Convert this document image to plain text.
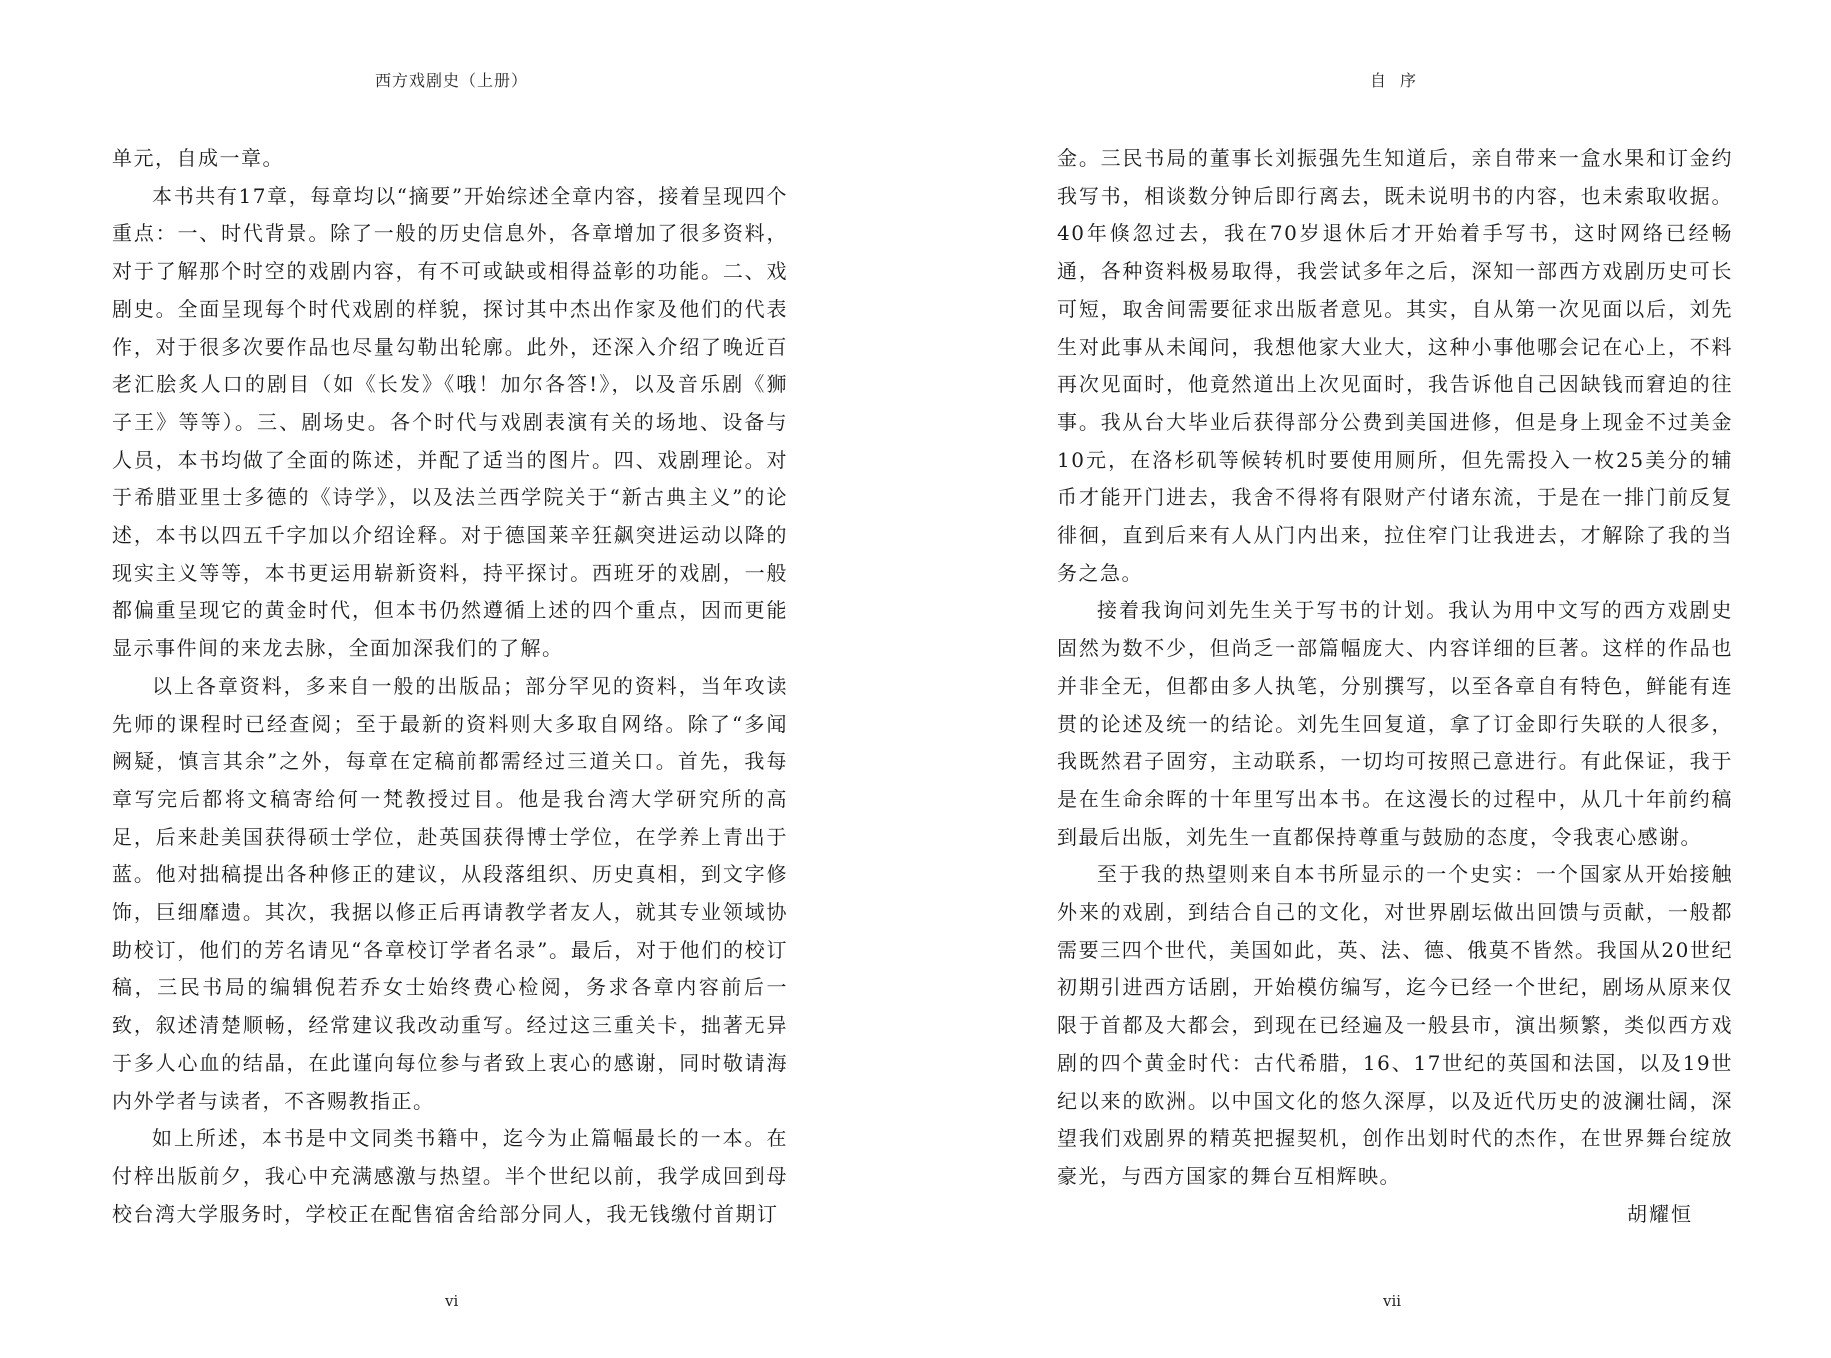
西方戏剧史（上册）

单元，自成一章。

本书共有17章，每章均以“摘要”开始综述全章内容，接着呈现四个重点：一、时代背景。除了一般的历史信息外，各章增加了很多资料，对于了解那个时空的戏剧内容，有不可或缺或相得益彰的功能。二、戏剧史。全面呈现每个时代戏剧的样貌，探讨其中杰出作家及他们的代表作，对于很多次要作品也尽量勾勒出轮廓。此外，还深入介绍了晚近百老汇脍炙人口的剧目（如《长发》《哦！加尔各答!》，以及音乐剧《狮子王》等等）。三、剧场史。各个时代与戏剧表演有关的场地、设备与人员，本书均做了全面的陈述，并配了适当的图片。四、戏剧理论。对于希腊亚里士多德的《诗学》，以及法兰西学院关于“新古典主义”的论述，本书以四五千字加以介绍诠释。对于德国莱辛狂飙突进运动以降的现实主义等等，本书更运用崭新资料，持平探讨。西班牙的戏剧，一般都偏重呈现它的黄金时代，但本书仍然遵循上述的四个重点，因而更能显示事件间的来龙去脉，全面加深我们的了解。

以上各章资料，多来自一般的出版品；部分罕见的资料，当年攻读先师的课程时已经查阅；至于最新的资料则大多取自网络。除了“多闻阙疑，慎言其余”之外，每章在定稿前都需经过三道关口。首先，我每章写完后都将文稿寄给何一梵教授过目。他是我台湾大学研究所的高足，后来赴美国获得硕士学位，赴英国获得博士学位，在学养上青出于蓝。他对拙稿提出各种修正的建议，从段落组织、历史真相，到文字修饰，巨细靡遗。其次，我据以修正后再请教学者友人，就其专业领域协助校订，他们的芳名请见“各章校订学者名录”。最后，对于他们的校订稿，三民书局的编辑倪若乔女士始终费心检阅，务求各章内容前后一致，叙述清楚顺畅，经常建议我改动重写。经过这三重关卡，拙著无异于多人心血的结晶，在此谨向每位参与者致上衷心的感谢，同时敬请海内外学者与读者，不吝赐教指正。

如上所述，本书是中文同类书籍中，迄今为止篇幅最长的一本。在付梓出版前夕，我心中充满感激与热望。半个世纪以前，我学成回到母校台湾大学服务时，学校正在配售宿舍给部分同人，我无钱缴付首期订

vi
自序

金。三民书局的董事长刘振强先生知道后，亲自带来一盒水果和订金约我写书，相谈数分钟后即行离去，既未说明书的内容，也未索取收据。40年倏忽过去，我在70岁退休后才开始着手写书，这时网络已经畅通，各种资料极易取得，我尝试多年之后，深知一部西方戏剧历史可长可短，取舍间需要征求出版者意见。其实，自从第一次见面以后，刘先生对此事从未闻问，我想他家大业大，这种小事他哪会记在心上，不料再次见面时，他竟然道出上次见面时，我告诉他自己因缺钱而窘迫的往事。我从台大毕业后获得部分公费到美国进修，但是身上现金不过美金10元，在洛杉矶等候转机时要使用厕所，但先需投入一枚25美分的辅币才能开门进去，我舍不得将有限财产付诸东流，于是在一排门前反复徘徊，直到后来有人从门内出来，拉住窄门让我进去，才解除了我的当务之急。

接着我询问刘先生关于写书的计划。我认为用中文写的西方戏剧史固然为数不少，但尚乏一部篇幅庞大、内容详细的巨著。这样的作品也并非全无，但都由多人执笔，分别撰写，以至各章自有特色，鲜能有连贯的论述及统一的结论。刘先生回复道，拿了订金即行失联的人很多，我既然君子固穷，主动联系，一切均可按照己意进行。有此保证，我于是在生命余晖的十年里写出本书。在这漫长的过程中，从几十年前约稿到最后出版，刘先生一直都保持尊重与鼓励的态度，令我衷心感谢。

至于我的热望则来自本书所显示的一个史实：一个国家从开始接触外来的戏剧，到结合自己的文化，对世界剧坛做出回馈与贡献，一般都需要三四个世代，美国如此，英、法、德、俄莫不皆然。我国从20世纪初期引进西方话剧，开始模仿编写，迄今已经一个世纪，剧场从原来仅限于首都及大都会，到现在已经遍及一般县市，演出频繁，类似西方戏剧的四个黄金时代：古代希腊，16、17世纪的英国和法国，以及19世纪以来的欧洲。以中国文化的悠久深厚，以及近代历史的波澜壮阔，深望我们戏剧界的精英把握契机，创作出划时代的杰作，在世界舞台绽放豪光，与西方国家的舞台互相辉映。

胡耀恒
vii
